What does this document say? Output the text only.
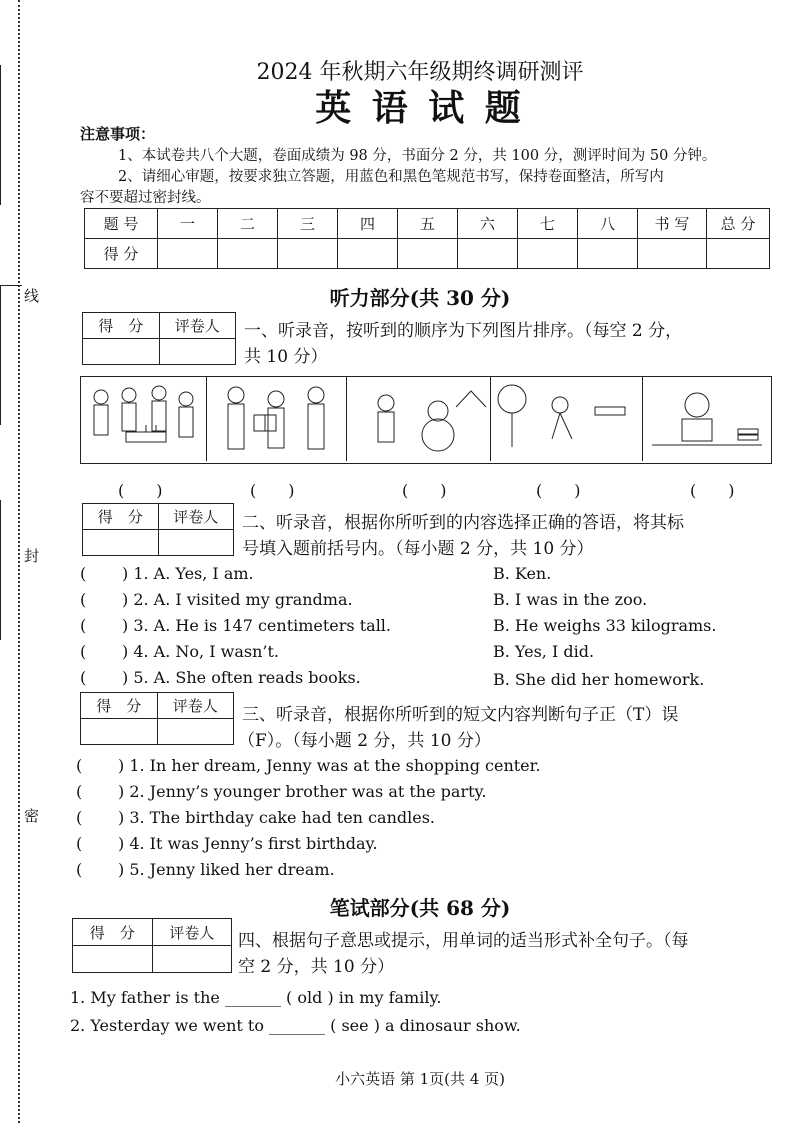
线
封
密
2024 年秋期六年级期终调研测评
英 语 试 题
注意事项：
1、本试卷共八个大题，卷面成绩为 98 分，书面分 2 分，共 100 分，测评时间为 50 分钟。
2、请细心审题，按要求独立答题，用蓝色和黑色笔规范书写，保持卷面整洁，所写内
容不要超过密封线。
题 号	一	二	三	四	五	六	七	八	书 写	总 分
得 分										
听力部分(共 30 分)
得　分	评卷人
	一、听录音，按听到的顺序为下列图片排序。（每空 2 分，
共 10 分）
(　　)	(　　)	(　　)	(　　)	(　　)
得　分	评卷人
	二、听录音，根据你所听到的内容选择正确的答语，将其标
号填入题前括号内。（每小题 2 分，共 10 分）
( ) 1. A. Yes, I am.	B. Ken.
( ) 2. A. I visited my grandma.	B. I was in the zoo.
( ) 3. A. He is 147 centimeters tall.	B. He weighs 33 kilograms.
( ) 4. A. No, I wasn’t.	B. Yes, I did.
( ) 5. A. She often reads books.	B. She did her homework.
得　分	评卷人
	三、听录音，根据你所听到的短文内容判断句子正（T）误
（F）。（每小题 2 分，共 10 分）
( ) 1. In her dream, Jenny was at the shopping center.
( ) 2. Jenny’s younger brother was at the party.
( ) 3. The birthday cake had ten candles.
( ) 4. It was Jenny’s first birthday.
( ) 5. Jenny liked her dream.
笔试部分(共 68 分)
得　分	评卷人
	四、根据句子意思或提示，用单词的适当形式补全句子。（每
空 2 分，共 10 分）
1. My father is the _______ ( old ) in my family.
2. Yesterday we went to _______ ( see ) a dinosaur show.
小六英语 第 1页(共 4 页)
